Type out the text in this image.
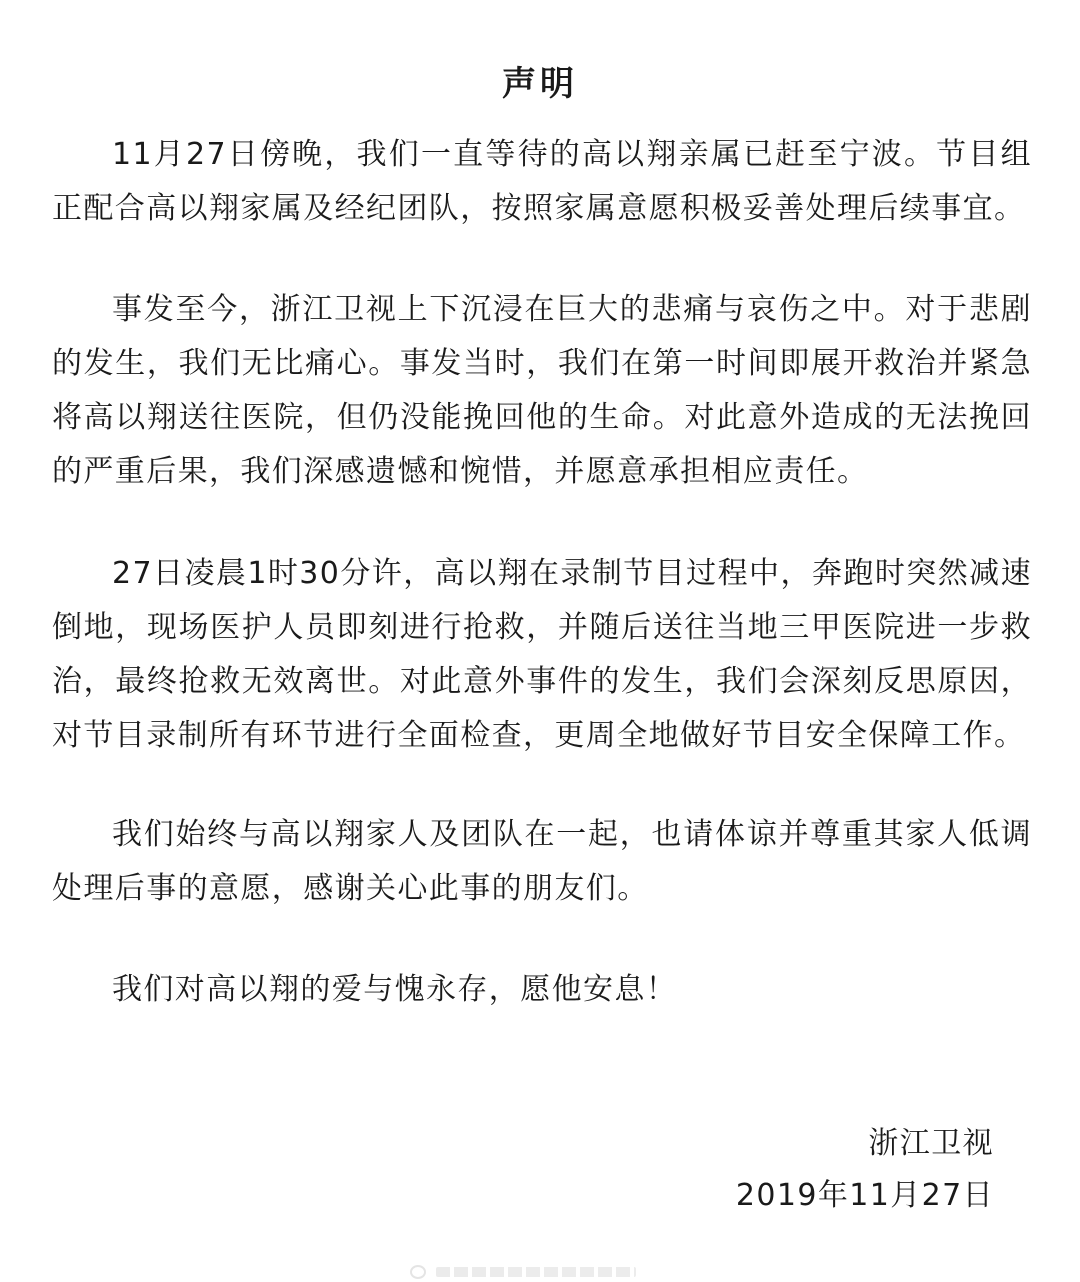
声明

11月27日傍晚，我们一直等待的高以翔亲属已赶至宁波。节目组正配合高以翔家属及经纪团队，按照家属意愿积极妥善处理后续事宜。

事发至今，浙江卫视上下沉浸在巨大的悲痛与哀伤之中。对于悲剧的发生，我们无比痛心。事发当时，我们在第一时间即展开救治并紧急将高以翔送往医院，但仍没能挽回他的生命。对此意外造成的无法挽回的严重后果，我们深感遗憾和惋惜，并愿意承担相应责任。

27日凌晨1时30分许，高以翔在录制节目过程中，奔跑时突然减速倒地，现场医护人员即刻进行抢救，并随后送往当地三甲医院进一步救治，最终抢救无效离世。对此意外事件的发生，我们会深刻反思原因，对节目录制所有环节进行全面检查，更周全地做好节目安全保障工作。

我们始终与高以翔家人及团队在一起，也请体谅并尊重其家人低调处理后事的意愿，感谢关心此事的朋友们。

我们对高以翔的爱与愧永存，愿他安息！

浙江卫视
2019年11月27日
